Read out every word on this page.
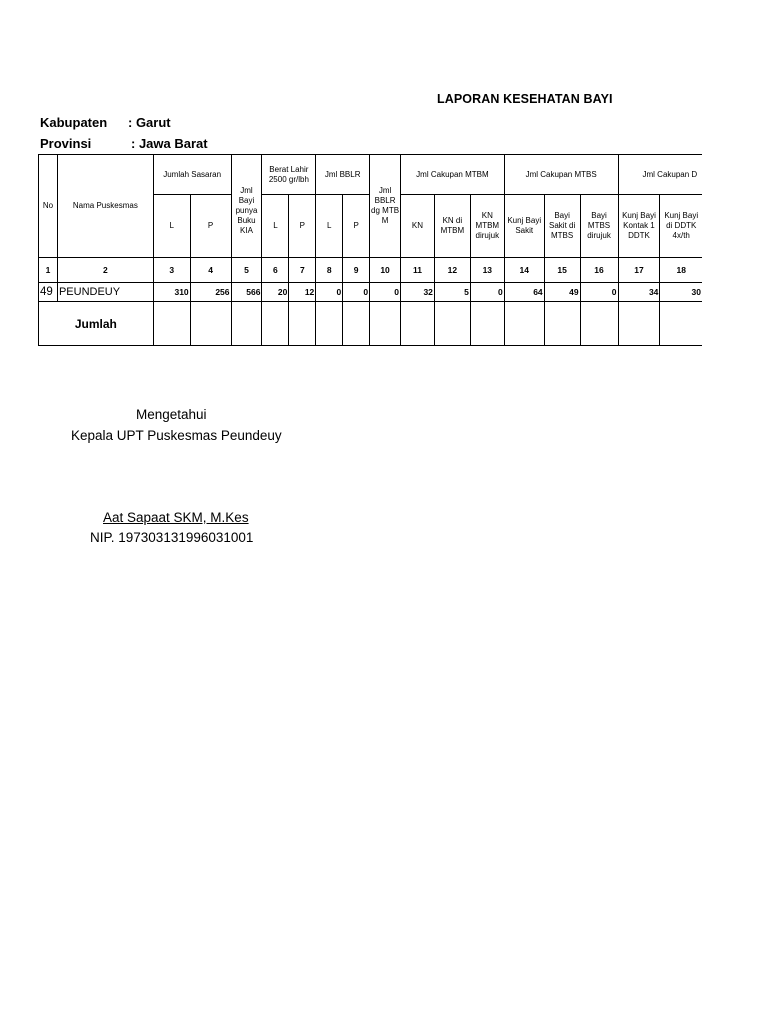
LAPORAN KESEHATAN BAYI
Kabupaten : Garut
Provinsi	: Jawa Barat
No	Nama Puskesmas	Jumlah Sasaran		Jml Bayi punya Buku KIA	Berat Lahir 2500 gr/lbh		Jml BBLR		Jml BBLR dg MTB M	Jml Cakupan MTBM			Jml Cakupan MTBS			Jml Cakupan D	
		L	P		L	P	L	P		KN	KN di MTBM	KN MTBM dirujuk	Kunj Bayi Sakit	Bayi Sakit di MTBS	Bayi MTBS dirujuk	Kunj Bayi Kontak 1 DDTK	Kunj Bayi di DDTK 4x/th
1	2	3	4	5	6	7	8	9	10	11	12	13	14	15	16	17	18
49	PEUNDEUY	310	256	566	20	12	0	0	0	32	5	0	64	49	0	34	30
Jumlah																	
Mengetahui
Kepala UPT Puskesmas Peundeuy
Aat Sapaat SKM, M.Kes
NIP. 197303131996031001
